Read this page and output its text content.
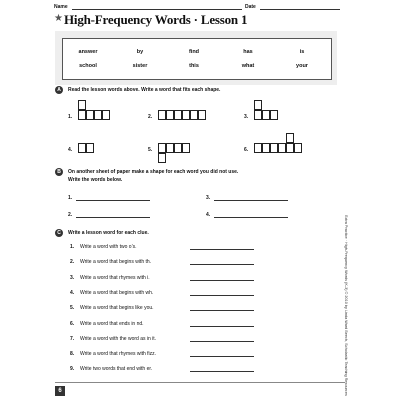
Name	Date
★ High-Frequency Words · Lesson 1
answer	by	find	has	is
school	sister	this	what	your
A	Read the lesson words above. Write a word that fits each shape.
1.	2.	3.
4.	5.	6.
B	On another sheet of paper make a shape for each word you did not use.
Write the words below.
1.	3.
2.	4.
C	Write a lesson word for each clue.
1. Write a word with two o’s.
2. Write a word that begins with th.
3. Write a word that rhymes with i.
4. Write a word that begins with wh.
5. Write a word that begins like you.
6. Write a word that ends in nd.
7. Write a word with the word as in it.
8. Write a word that rhymes with fizz.
9. Write two words that end with er.	Extra Practice · High-Frequency Words (K-3) © 2010 by Linda Ward Beech, Scholastic Teaching Resources
6
